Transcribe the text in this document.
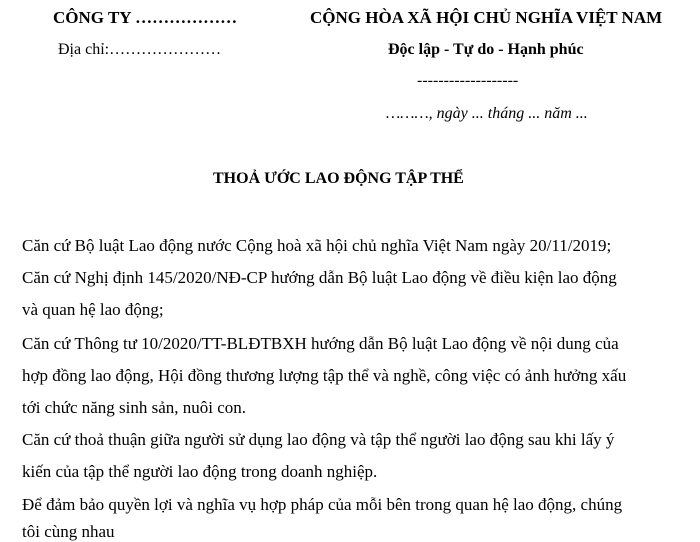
CÔNG TY ………………	CỘNG HÒA XÃ HỘI CHỦ NGHĨA VIỆT NAM
Địa chỉ:…………………	Độc lập - Tự do - Hạnh phúc
-------------------
………, ngày ... tháng ... năm ...
THOẢ ƯỚC LAO ĐỘNG TẬP THỂ
Căn cứ Bộ luật Lao động nước Cộng hoà xã hội chủ nghĩa Việt Nam ngày 20/11/2019;
Căn cứ Nghị định 145/2020/NĐ-CP hướng dẫn Bộ luật Lao động về điều kiện lao động
và quan hệ lao động;
Căn cứ Thông tư 10/2020/TT-BLĐTBXH hướng dẫn Bộ luật Lao động về nội dung của
hợp đồng lao động, Hội đồng thương lượng tập thể và nghề, công việc có ảnh hưởng xấu
tới chức năng sinh sản, nuôi con.
Căn cứ thoả thuận giữa người sử dụng lao động và tập thể người lao động sau khi lấy ý
kiến của tập thể người lao động trong doanh nghiệp.
Để đảm bảo quyền lợi và nghĩa vụ hợp pháp của mỗi bên trong quan hệ lao động, chúng
tôi cùng nhau
